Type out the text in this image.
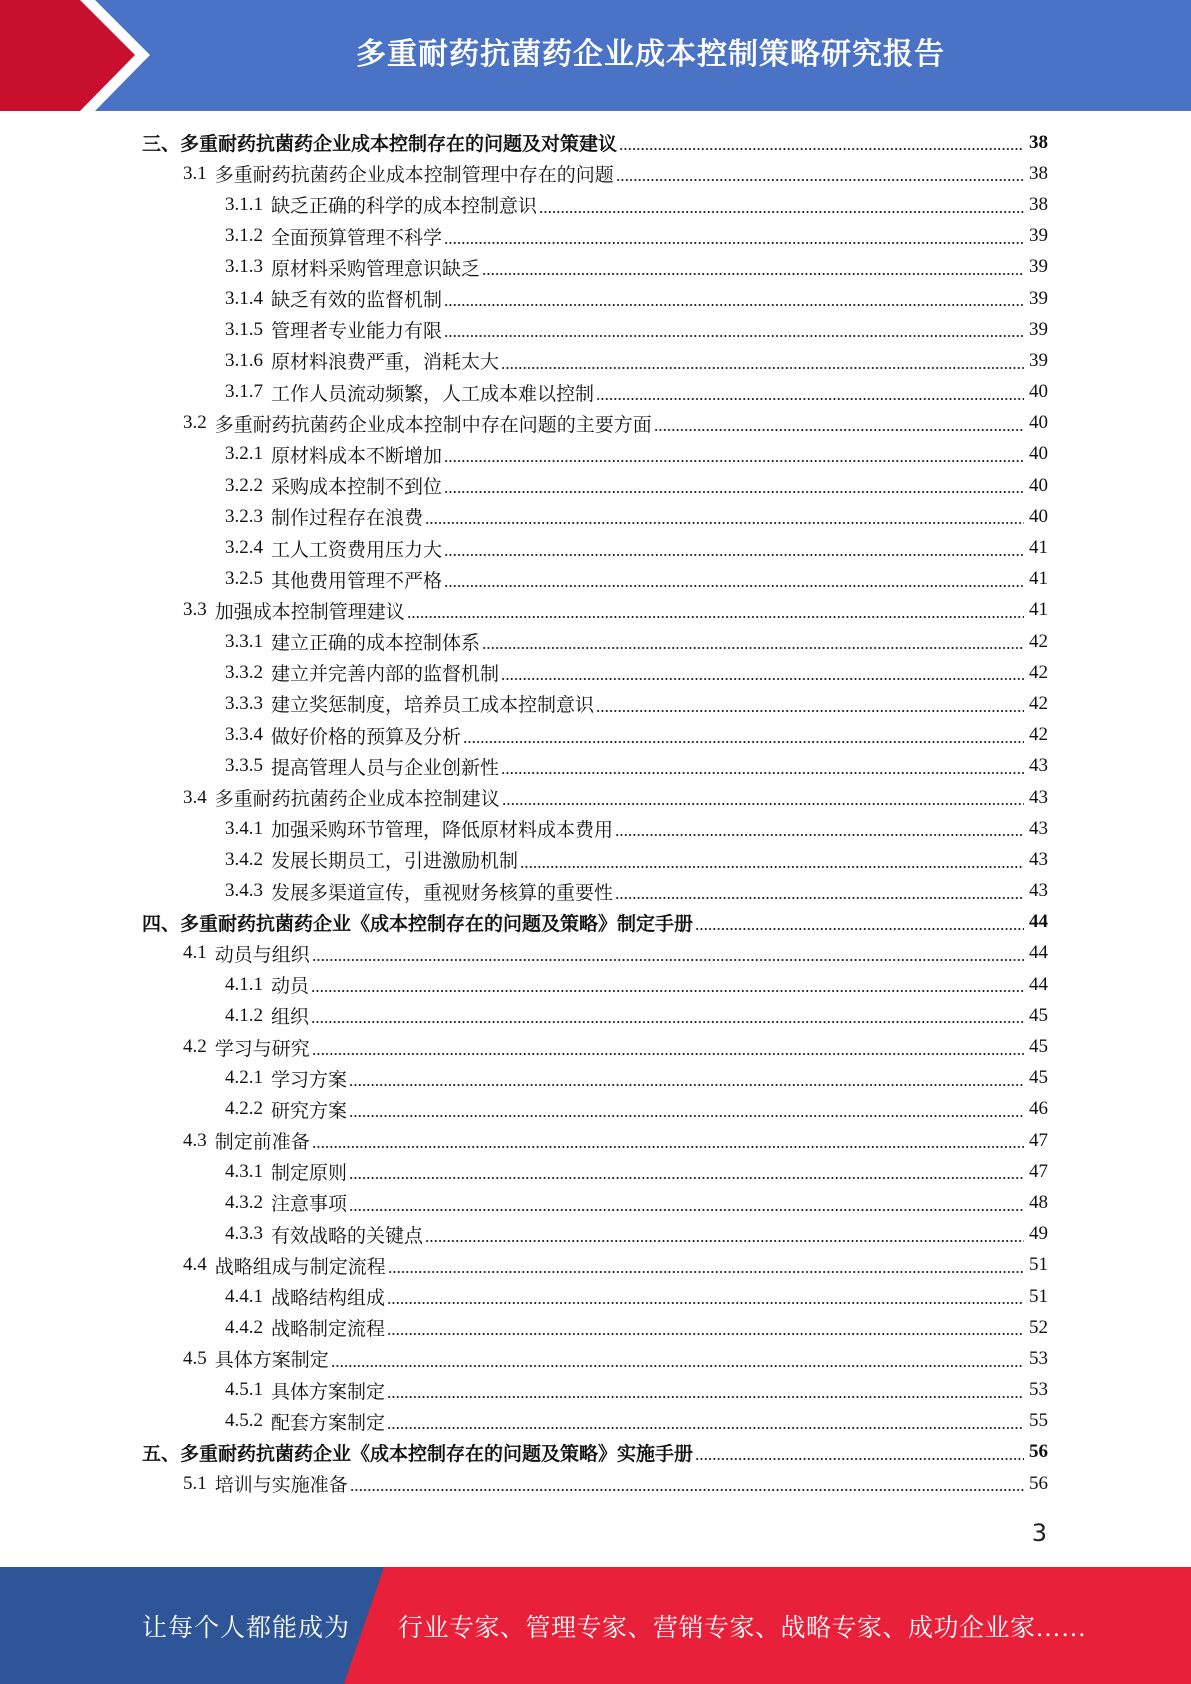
多重耐药抗菌药企业成本控制策略研究报告
三、多重耐药抗菌药企业成本控制存在的问题及对策建议	38
3.1 多重耐药抗菌药企业成本控制管理中存在的问题	38
3.1.1 缺乏正确的科学的成本控制意识	38
3.1.2 全面预算管理不科学	39
3.1.3 原材料采购管理意识缺乏	39
3.1.4 缺乏有效的监督机制	39
3.1.5 管理者专业能力有限	39
3.1.6 原材料浪费严重，消耗太大	39
3.1.7 工作人员流动频繁，人工成本难以控制	40
3.2 多重耐药抗菌药企业成本控制中存在问题的主要方面	40
3.2.1 原材料成本不断增加	40
3.2.2 采购成本控制不到位	40
3.2.3 制作过程存在浪费	40
3.2.4 工人工资费用压力大	41
3.2.5 其他费用管理不严格	41
3.3 加强成本控制管理建议	41
3.3.1 建立正确的成本控制体系	42
3.3.2 建立并完善内部的监督机制	42
3.3.3 建立奖惩制度，培养员工成本控制意识	42
3.3.4 做好价格的预算及分析	42
3.3.5 提高管理人员与企业创新性	43
3.4 多重耐药抗菌药企业成本控制建议	43
3.4.1 加强采购环节管理，降低原材料成本费用	43
3.4.2 发展长期员工，引进激励机制	43
3.4.3 发展多渠道宣传，重视财务核算的重要性	43
四、多重耐药抗菌药企业《成本控制存在的问题及策略》制定手册	44
4.1 动员与组织	44
4.1.1 动员	44
4.1.2 组织	45
4.2 学习与研究	45
4.2.1 学习方案	45
4.2.2 研究方案	46
4.3 制定前准备	47
4.3.1 制定原则	47
4.3.2 注意事项	48
4.3.3 有效战略的关键点	49
4.4 战略组成与制定流程	51
4.4.1 战略结构组成	51
4.4.2 战略制定流程	52
4.5 具体方案制定	53
4.5.1 具体方案制定	53
4.5.2 配套方案制定	55
五、多重耐药抗菌药企业《成本控制存在的问题及策略》实施手册	56
5.1 培训与实施准备	56
3
让每个人都能成为 行业专家、管理专家、营销专家、战略专家、成功企业家……
